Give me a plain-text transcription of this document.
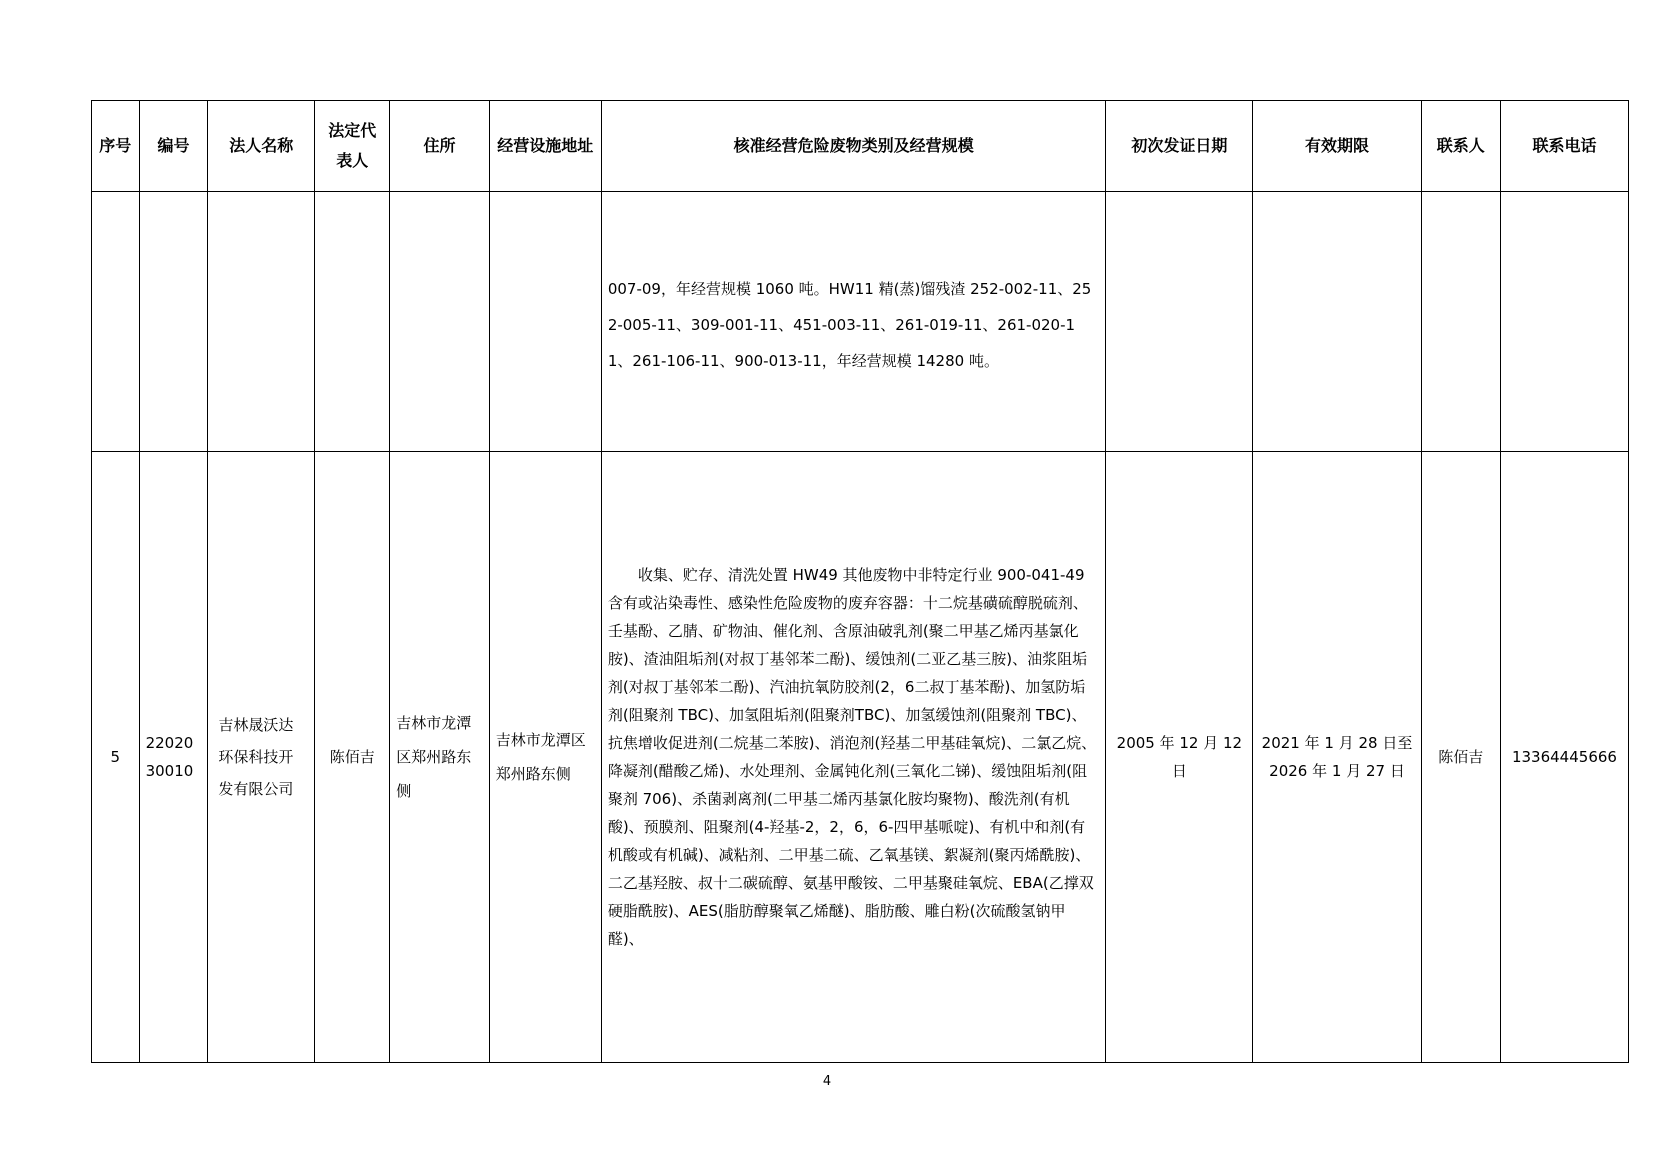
序号	编号	法人名称	法定代表人	住所	经营设施地址	核准经营危险废物类别及经营规模	初次发证日期	有效期限	联系人	联系电话
						007-09，年经营规模 1060 吨。HW11 精(蒸)馏残渣 252-002-11、252-005-11、309-001-11、451-003-11、261-019-11、261-020-11、261-106-11、900-013-11，年经营规模 14280 吨。				
5	2202030010	吉林晟沃达环保科技开发有限公司	陈佰吉	吉林市龙潭区郑州路东侧	吉林市龙潭区郑州路东侧	收集、贮存、清洗处置 HW49 其他废物中非特定行业 900-041-49 含有或沾染毒性、感染性危险废物的废弃容器：十二烷基磺硫醇脱硫剂、壬基酚、乙腈、矿物油、催化剂、含原油破乳剂(聚二甲基乙烯丙基氯化胺)、渣油阻垢剂(对叔丁基邻苯二酚)、缓蚀剂(二亚乙基三胺)、油浆阻垢剂(对叔丁基邻苯二酚)、汽油抗氧防胶剂(2，6二叔丁基苯酚)、加氢防垢剂(阻聚剂 TBC)、加氢阻垢剂(阻聚剂TBC)、加氢缓蚀剂(阻聚剂 TBC)、抗焦增收促进剂(二烷基二苯胺)、消泡剂(羟基二甲基硅氧烷)、二氯乙烷、降凝剂(醋酸乙烯)、水处理剂、金属钝化剂(三氧化二锑)、缓蚀阻垢剂(阻聚剂 706)、杀菌剥离剂(二甲基二烯丙基氯化胺均聚物)、酸洗剂(有机酸)、预膜剂、阻聚剂(4-羟基-2，2，6，6-四甲基哌啶)、有机中和剂(有机酸或有机碱)、减粘剂、二甲基二硫、乙氧基镁、絮凝剂(聚丙烯酰胺)、二乙基羟胺、叔十二碳硫醇、氨基甲酸铵、二甲基聚硅氧烷、EBA(乙撑双硬脂酰胺)、AES(脂肪醇聚氧乙烯醚)、脂肪酸、雕白粉(次硫酸氢钠甲醛)、	2005 年 12 月 12 日	2021 年 1 月 28 日至 2026 年 1 月 27 日	陈佰吉	13364445666
4
